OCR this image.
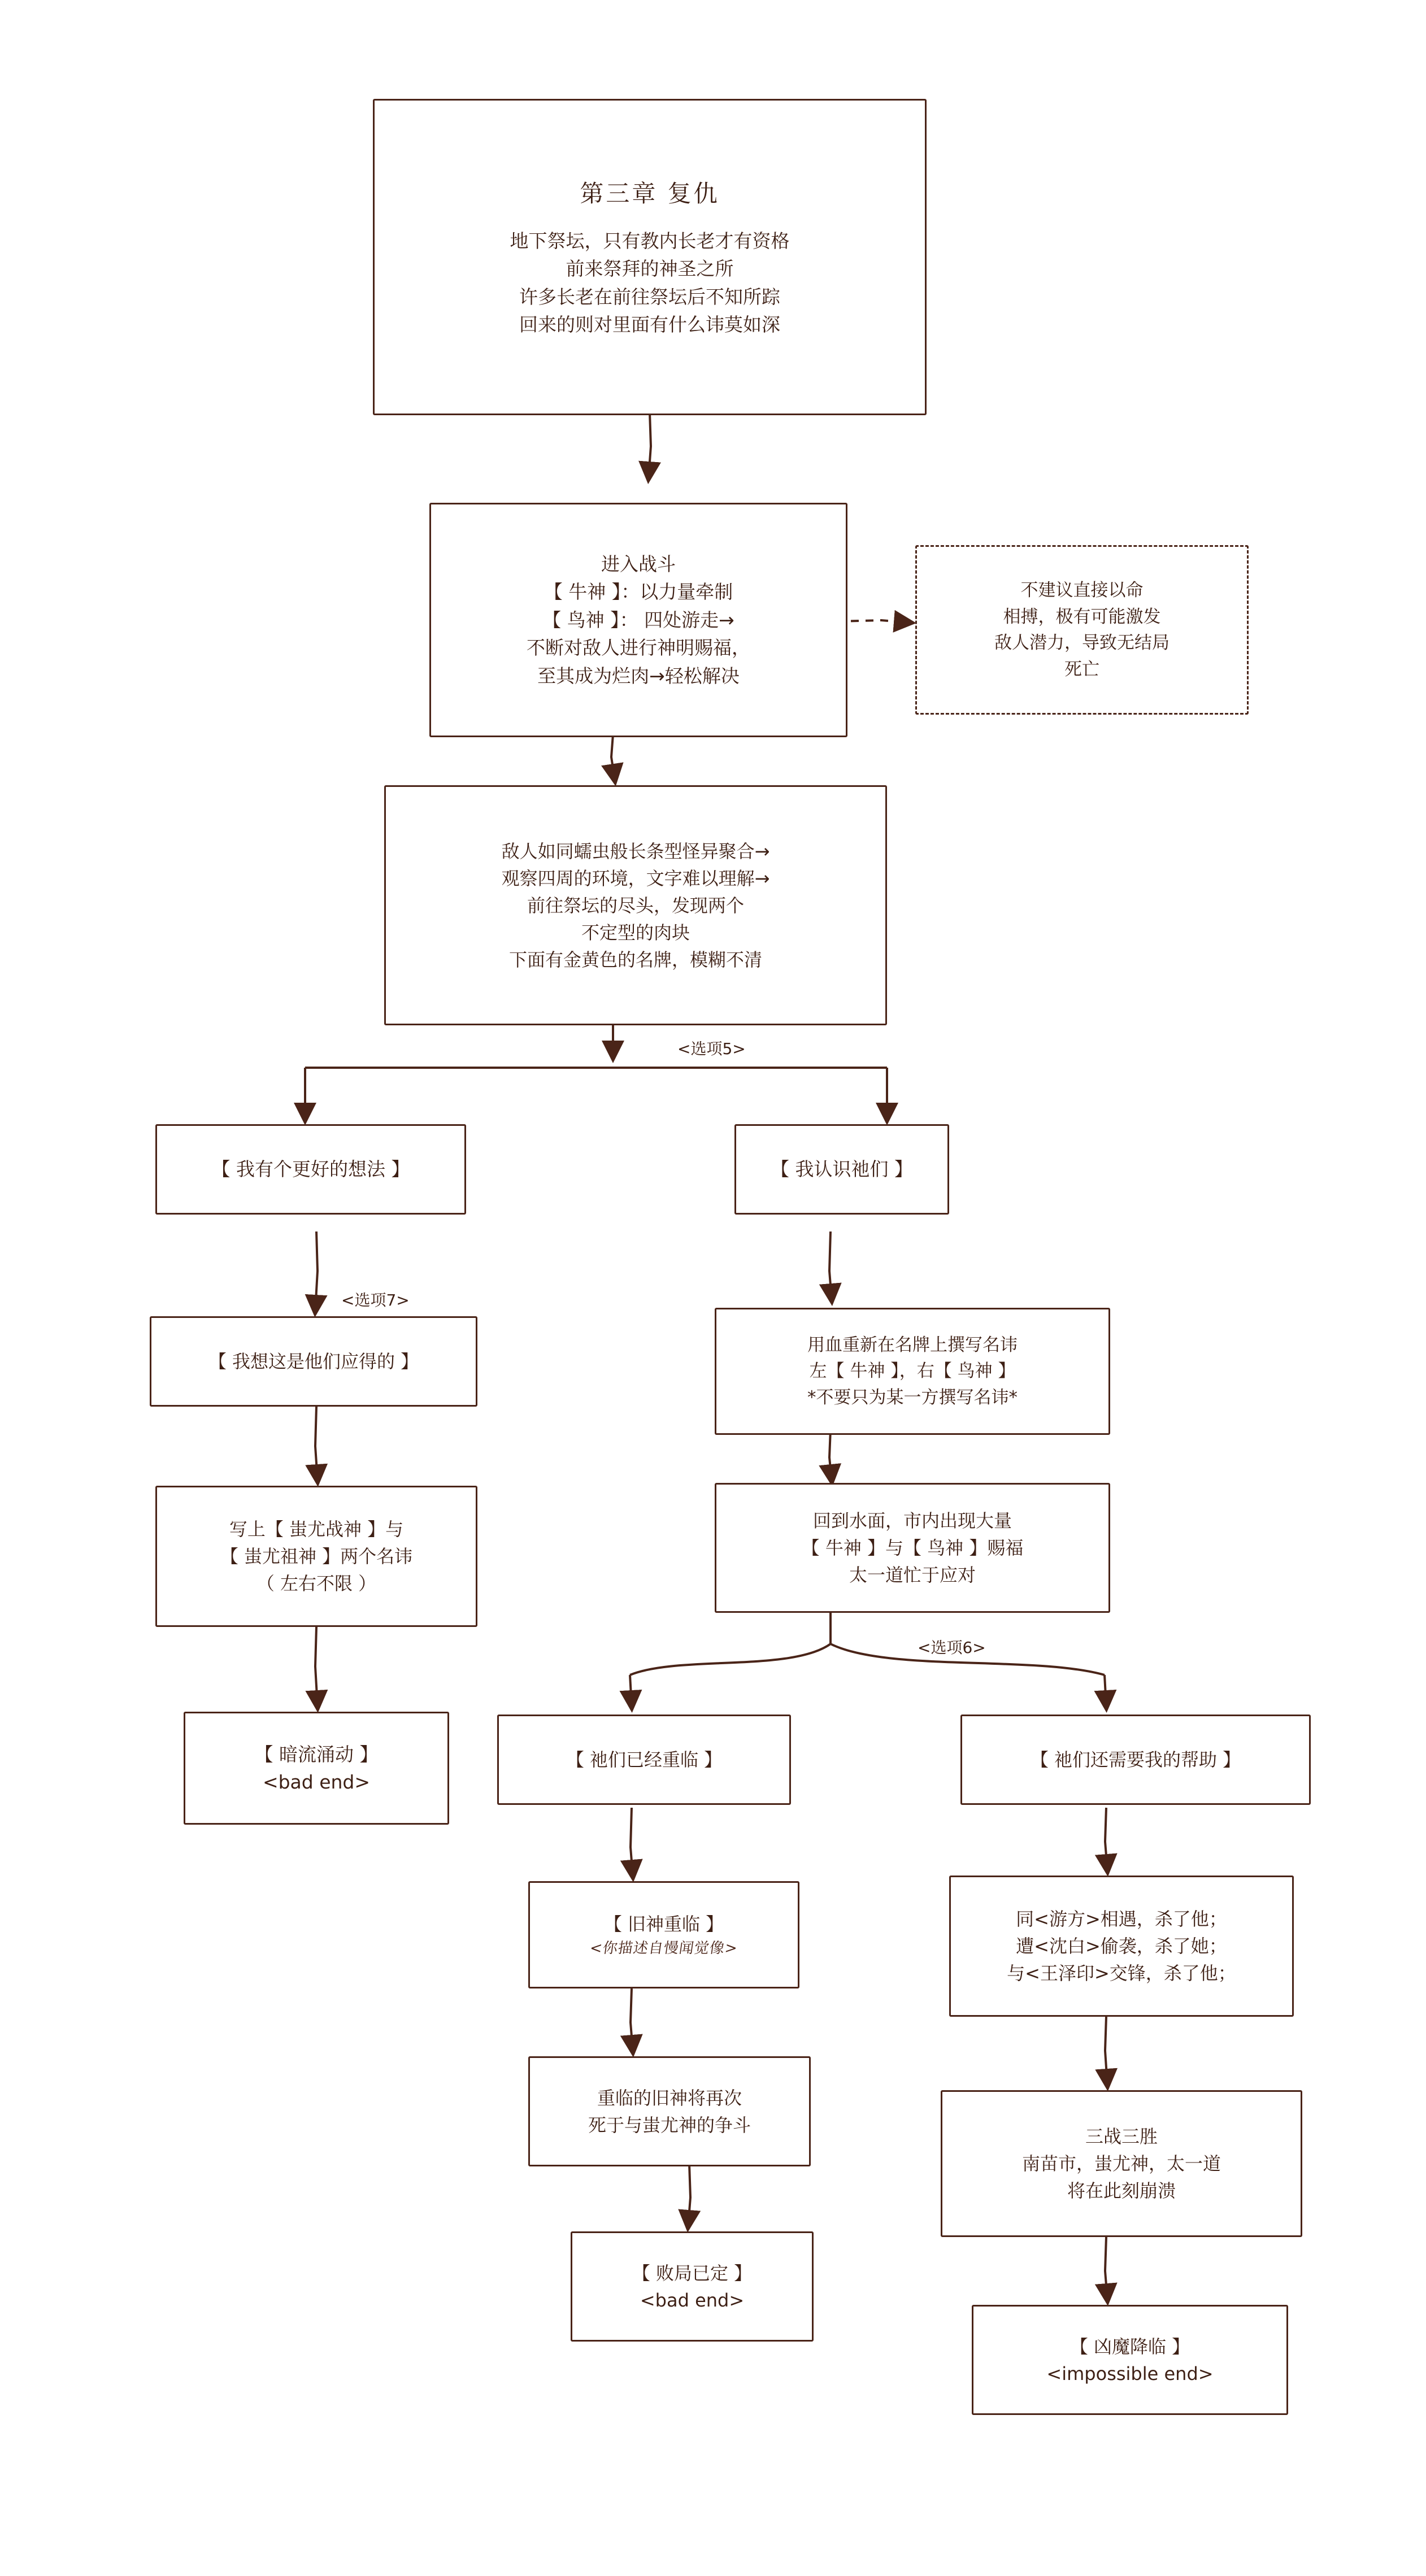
第三章 复仇
地下祭坛，只有教内长老才有资格
前来祭拜的神圣之所
许多长老在前往祭坛后不知所踪
回来的则对里面有什么讳莫如深
进入战斗
【 牛神 】：以力量牵制
【 鸟神 】： 四处游走→
不断对敌人进行神明赐福，
至其成为烂肉→轻松解决
不建议直接以命
相搏，极有可能激发
敌人潜力，导致无结局
死亡
敌人如同蠕虫般长条型怪异聚合→
观察四周的环境，文字难以理解→
前往祭坛的尽头，发现两个
不定型的肉块
下面有金黄色的名牌，模糊不清
<选项5>
【 我有个更好的想法 】	【 我认识祂们 】
<选项7>
【 我想这是他们应得的 】
用血重新在名牌上撰写名讳
左【 牛神 】，右【 鸟神 】
*不要只为某一方撰写名讳*
写上【 蚩尤战神 】与
【 蚩尤祖神 】两个名讳
（ 左右不限 ）
回到水面，市内出现大量
【 牛神 】与【 鸟神 】赐福
太一道忙于应对
<选项6>
【 暗流涌动 】
<bad end>
【 祂们已经重临 】	【 祂们还需要我的帮助 】
【 旧神重临 】
<你描述自慢闻觉像>
同<游方>相遇，杀了他；
遭<沈白>偷袭，杀了她；
与<王泽印>交锋，杀了他；
重临的旧神将再次
死于与蚩尤神的争斗
三战三胜
南苗市，蚩尤神，太一道
将在此刻崩溃
【 败局已定 】
<bad end>
【 凶魔降临 】
<impossible end>
